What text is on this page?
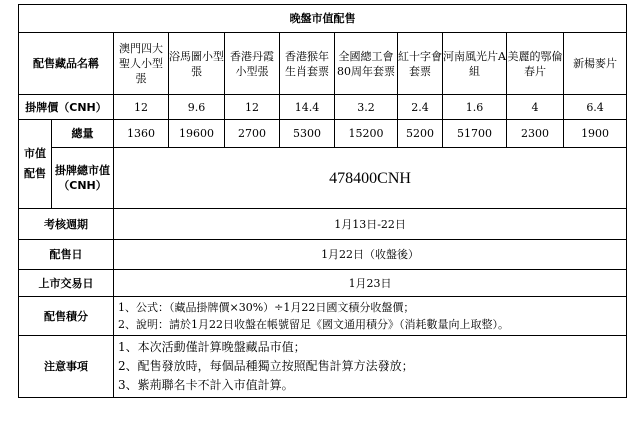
晚盤市值配售										
配售藏品名稱		澳門四大聖人小型張	浴馬圖小型張	香港丹霞小型張	香港猴年生肖套票	全國總工會80周年套票	紅十字會套票	河南風光片A組	美麗的鄂倫春片	新楊麥片
掛牌價（CNH）		12	9.6	12	14.4	3.2	2.4	1.6	4	6.4
市值配售	總量	1360	19600	2700	5300	15200	5200	51700	2300	1900
	掛牌總市值（CNH）	478400CNH								
考核週期		1月13日-22日								
配售日		1月22日（收盤後）								
上市交易日		1月23日								
配售積分		1、公式：（藏品掛牌價×30%）÷1月22日國文積分收盤價；
2、說明：請於1月22日收盤在帳號留足《國文通用積分》（消耗數量向上取整）。								

注意事項		1、本次活動僅計算晚盤藏品市值；
2、配售發放時，每個品種獨立按照配售計算方法發放；
3、紫荊聯名卡不計入市值計算。								
